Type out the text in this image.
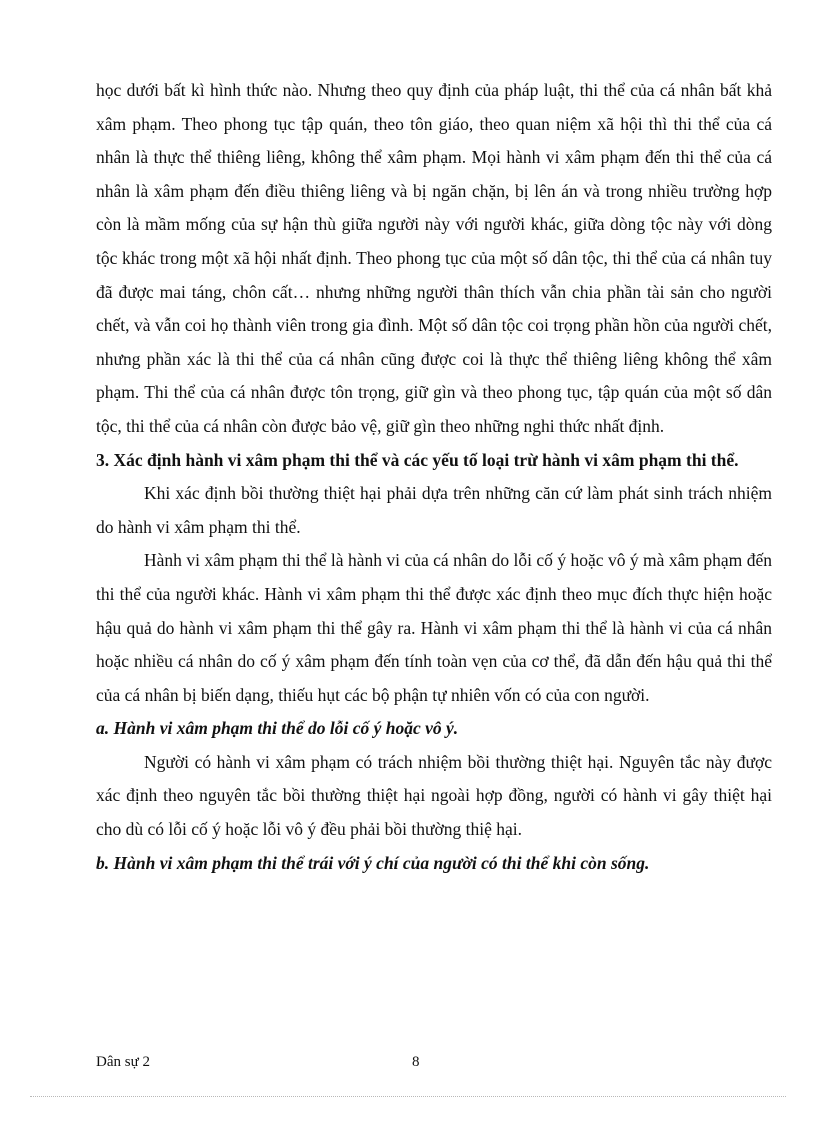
học dưới bất kì hình thức nào. Nhưng theo quy định của pháp luật, thi thể của cá nhân bất khả xâm phạm. Theo phong tục tập quán, theo tôn giáo, theo quan niệm xã hội thì thi thể của cá nhân là thực thể thiêng liêng, không thể xâm phạm. Mọi hành vi xâm phạm đến thi thể của cá nhân là xâm phạm đến điều thiêng liêng và bị ngăn chặn, bị lên án và trong nhiều trường hợp còn là mầm mống của sự hận thù giữa người này với người khác, giữa dòng tộc này với dòng tộc khác trong một xã hội nhất định. Theo phong tục của một số dân tộc, thi thể của cá nhân tuy đã được mai táng, chôn cất… nhưng những người thân thích vẫn chia phần tài sản cho người chết, và vẫn coi họ thành viên trong gia đình. Một số dân tộc coi trọng phần hồn của người chết, nhưng phần xác là thi thể của cá nhân cũng được coi là thực thể thiêng liêng không thể xâm phạm. Thi thể của cá nhân được tôn trọng, giữ gìn và theo phong tục, tập quán của một số dân tộc, thi thể của cá nhân còn được bảo vệ, giữ gìn theo những nghi thức nhất định.

3. Xác định hành vi xâm phạm thi thể và các yếu tố loại trừ hành vi xâm phạm thi thể.

Khi xác định bồi thường thiệt hại phải dựa trên những căn cứ làm phát sinh trách nhiệm do hành vi xâm phạm thi thể.

Hành vi xâm phạm thi thể là hành vi của cá nhân do lỗi cố ý hoặc vô ý mà xâm phạm đến thi thể của người khác. Hành vi xâm phạm thi thể được xác định theo mục đích thực hiện hoặc hậu quả do hành vi xâm phạm thi thể gây ra. Hành vi xâm phạm thi thể là hành vi của cá nhân hoặc nhiều cá nhân do cố ý xâm phạm đến tính toàn vẹn của cơ thể, đã dẫn đến hậu quả thi thể của cá nhân bị biến dạng, thiếu hụt các bộ phận tự nhiên vốn có của con người.

a. Hành vi xâm phạm thi thể do lỗi cố ý hoặc vô ý.

Người có hành vi xâm phạm có trách nhiệm bồi thường thiệt hại. Nguyên tắc này được xác định theo nguyên tắc bồi thường thiệt hại ngoài hợp đồng, người có hành vi gây thiệt hại cho dù có lỗi cố ý hoặc lỗi vô ý đều phải bồi thường thiệ hại.

b. Hành vi xâm phạm thi thể trái với ý chí của người có thi thể khi còn sống.

Dân sự 2	8
